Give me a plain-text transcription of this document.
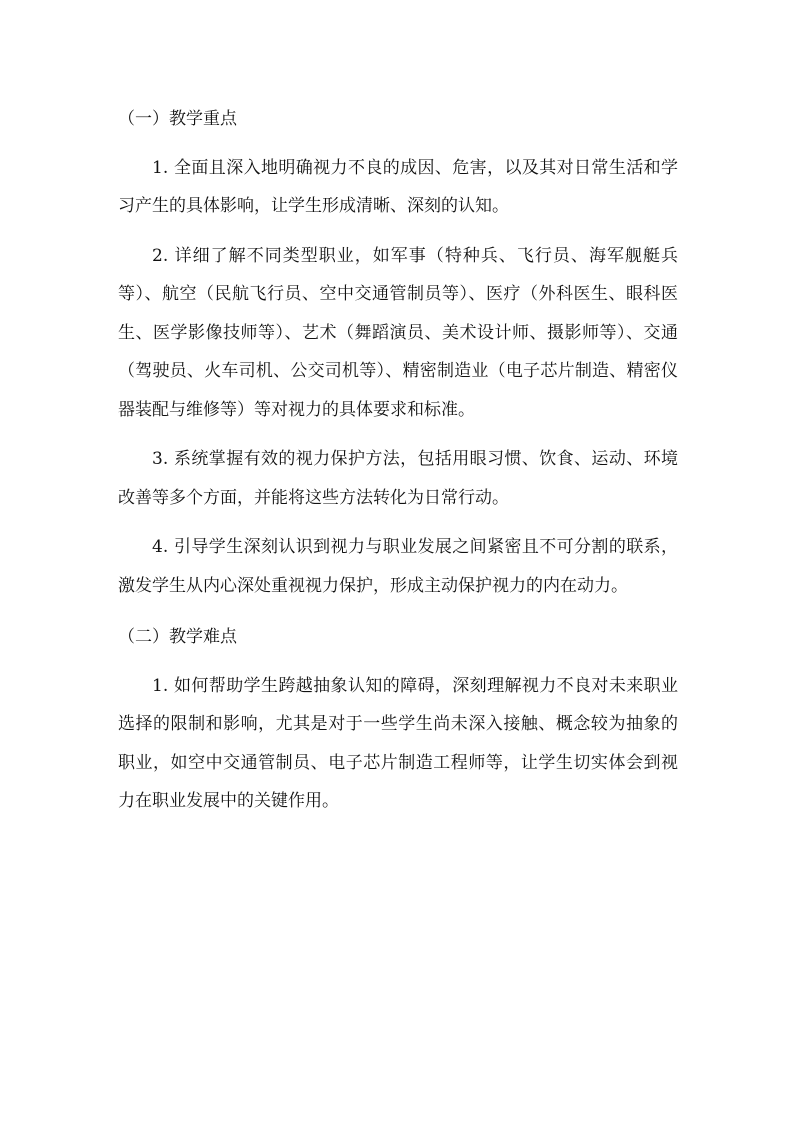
（一）教学重点

1. 全面且深入地明确视力不良的成因、危害，以及其对日常生活和学习产生的具体影响，让学生形成清晰、深刻的认知。

2. 详细了解不同类型职业，如军事（特种兵、飞行员、海军舰艇兵等）、航空（民航飞行员、空中交通管制员等）、医疗（外科医生、眼科医生、医学影像技师等）、艺术（舞蹈演员、美术设计师、摄影师等）、交通（驾驶员、火车司机、公交司机等）、精密制造业（电子芯片制造、精密仪器装配与维修等）等对视力的具体要求和标准。

3. 系统掌握有效的视力保护方法，包括用眼习惯、饮食、运动、环境改善等多个方面，并能将这些方法转化为日常行动。

4. 引导学生深刻认识到视力与职业发展之间紧密且不可分割的联系，激发学生从内心深处重视视力保护，形成主动保护视力的内在动力。

（二）教学难点

1. 如何帮助学生跨越抽象认知的障碍，深刻理解视力不良对未来职业选择的限制和影响，尤其是对于一些学生尚未深入接触、概念较为抽象的职业，如空中交通管制员、电子芯片制造工程师等，让学生切实体会到视力在职业发展中的关键作用。
